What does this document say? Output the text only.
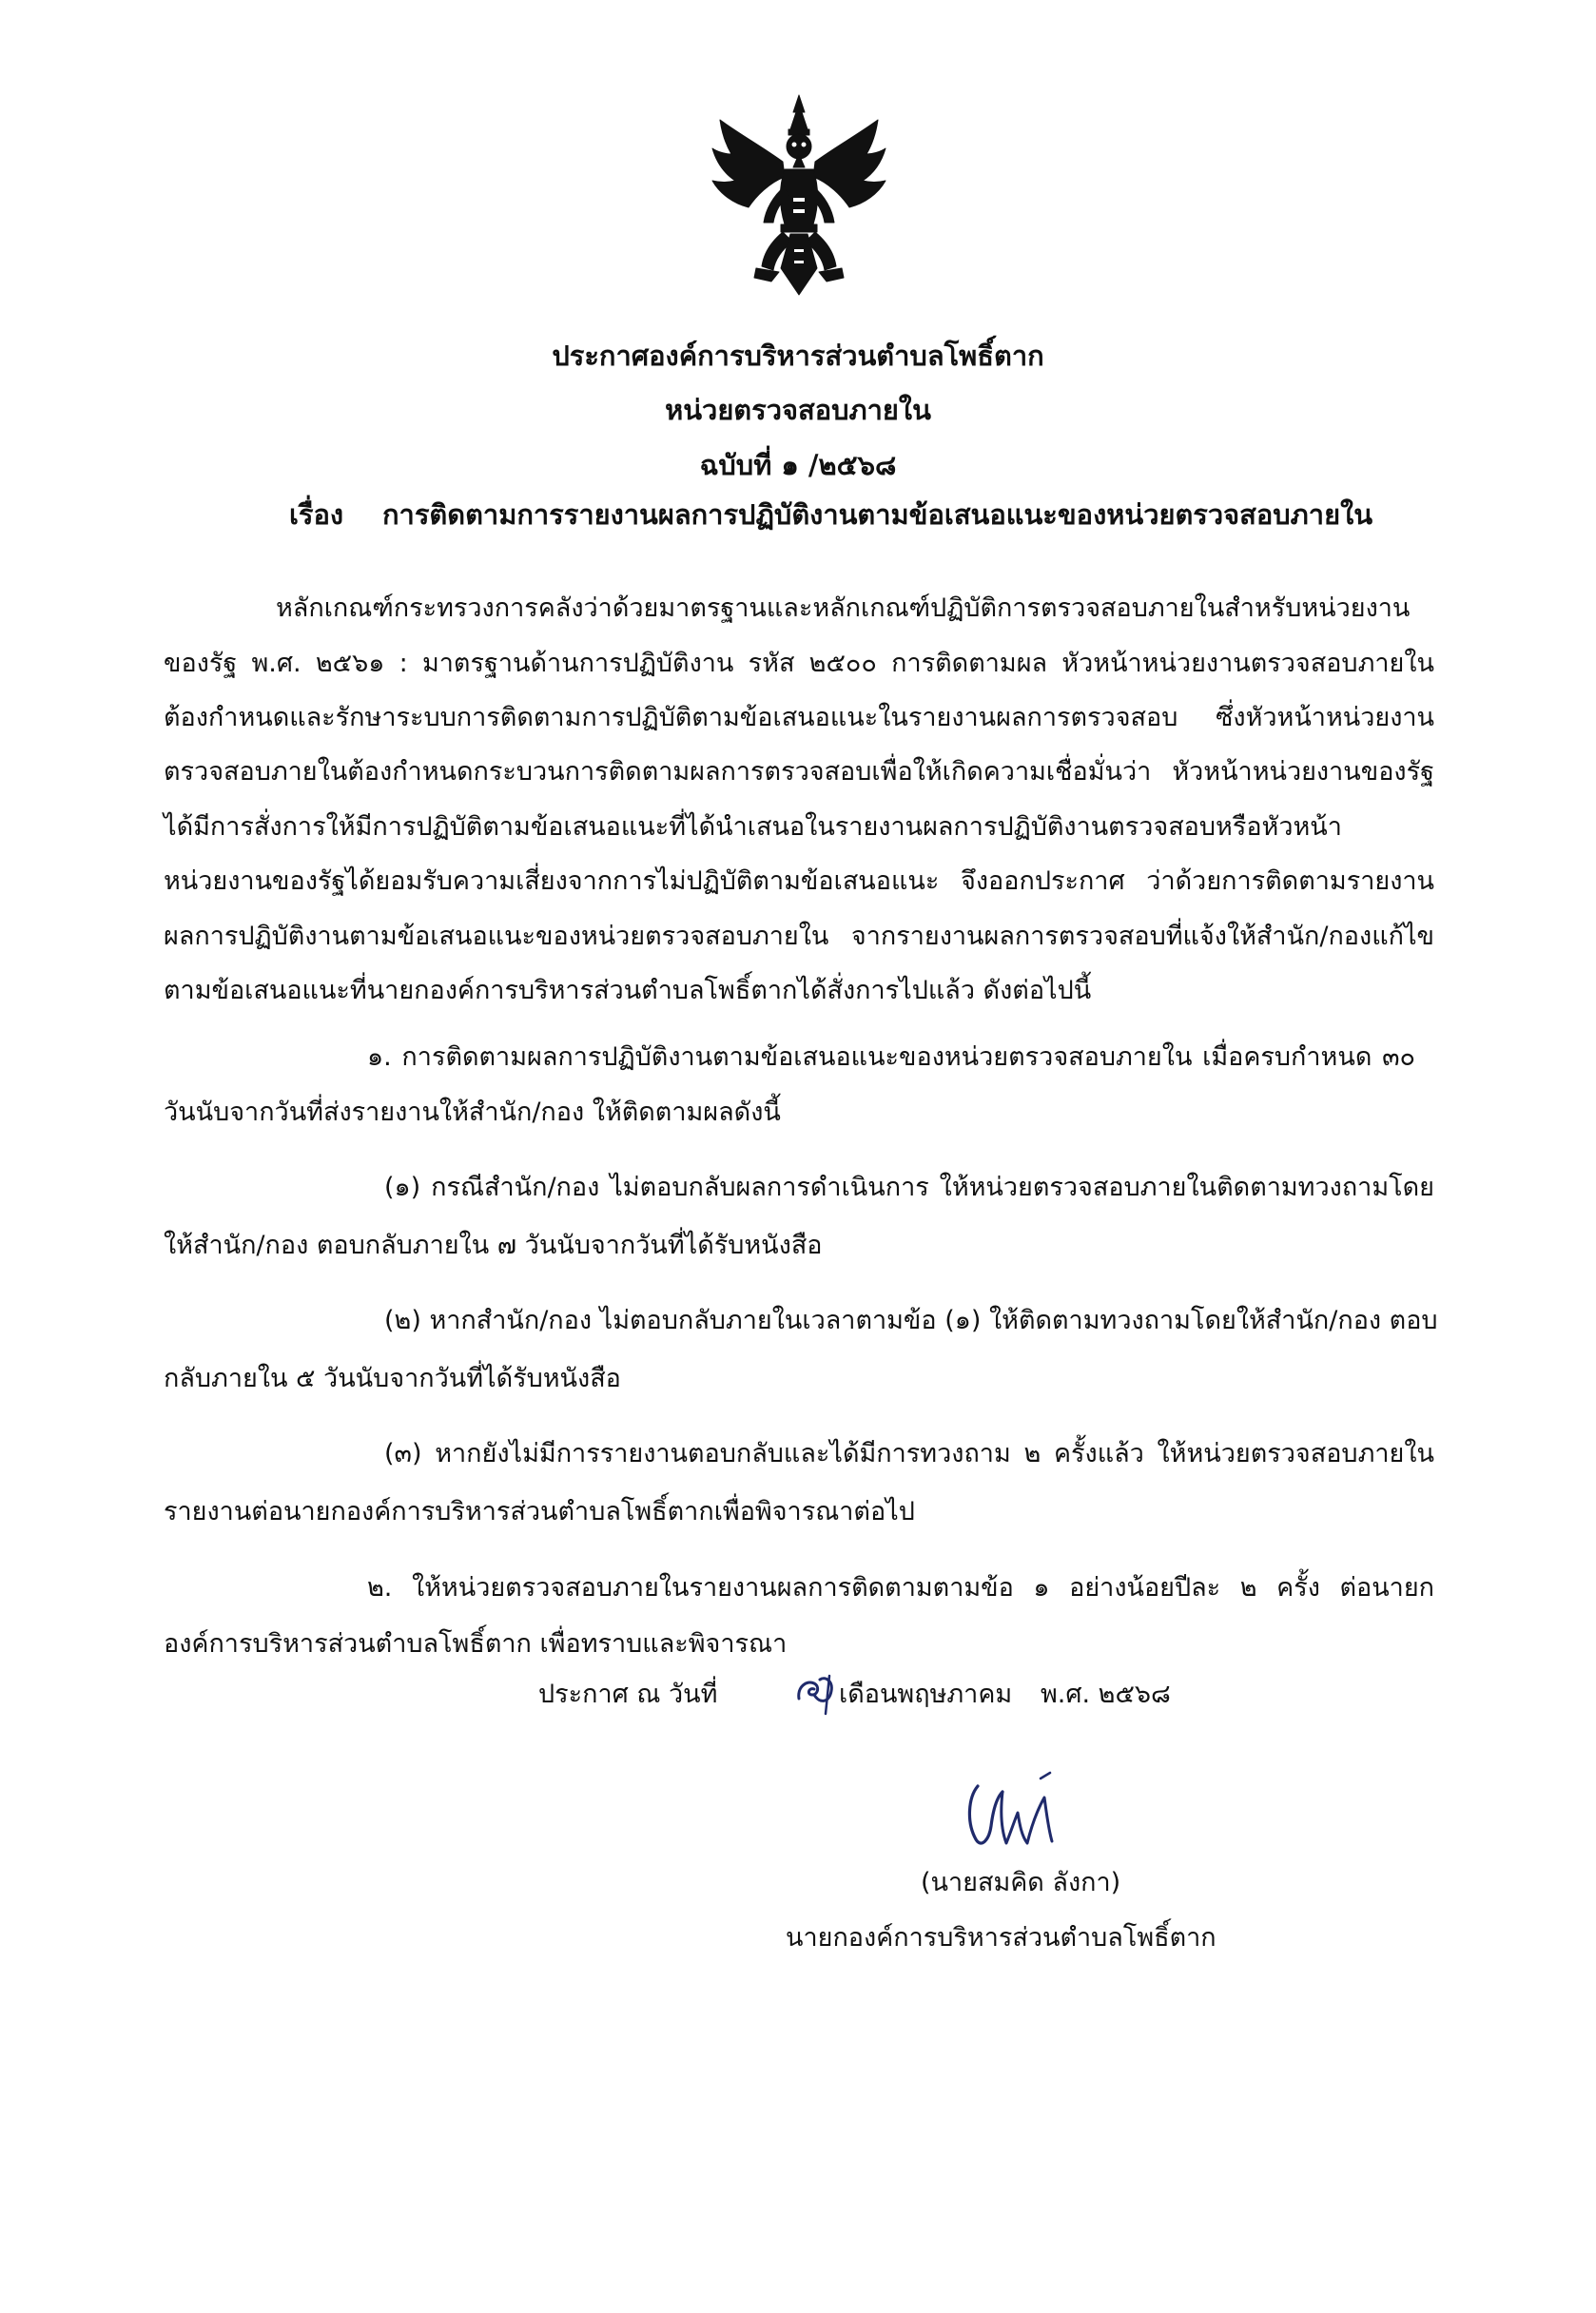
ประกาศองค์การบริหารส่วนตำบลโพธิ์ตาก
หน่วยตรวจสอบภายใน
ฉบับที่ ๑ /๒๕๖๘
เรื่อง การติดตามการรายงานผลการปฏิบัติงานตามข้อเสนอแนะของหน่วยตรวจสอบภายใน
หลักเกณฑ์กระทรวงการคลังว่าด้วยมาตรฐานและหลักเกณฑ์ปฏิบัติการตรวจสอบภายในสำหรับหน่วยงาน
ของรัฐ พ.ศ. ๒๕๖๑ : มาตรฐานด้านการปฏิบัติงาน รหัส ๒๕๐๐ การติดตามผล หัวหน้าหน่วยงานตรวจสอบภายใน
ต้องกำหนดและรักษาระบบการติดตามการปฏิบัติตามข้อเสนอแนะในรายงานผลการตรวจสอบ ซึ่งหัวหน้าหน่วยงาน
ตรวจสอบภายในต้องกำหนดกระบวนการติดตามผลการตรวจสอบเพื่อให้เกิดความเชื่อมั่นว่า หัวหน้าหน่วยงานของรัฐ
ได้มีการสั่งการให้มีการปฏิบัติตามข้อเสนอแนะที่ได้นำเสนอในรายงานผลการปฏิบัติงานตรวจสอบหรือหัวหน้า
หน่วยงานของรัฐได้ยอมรับความเสี่ยงจากการไม่ปฏิบัติตามข้อเสนอแนะ จึงออกประกาศ ว่าด้วยการติดตามรายงาน
ผลการปฏิบัติงานตามข้อเสนอแนะของหน่วยตรวจสอบภายใน จากรายงานผลการตรวจสอบที่แจ้งให้สำนัก/กองแก้ไข
ตามข้อเสนอแนะที่นายกองค์การบริหารส่วนตำบลโพธิ์ตากได้สั่งการไปแล้ว ดังต่อไปนี้
๑. การติดตามผลการปฏิบัติงานตามข้อเสนอแนะของหน่วยตรวจสอบภายใน เมื่อครบกำหนด ๓๐
วันนับจากวันที่ส่งรายงานให้สำนัก/กอง ให้ติดตามผลดังนี้
(๑) กรณีสำนัก/กอง ไม่ตอบกลับผลการดำเนินการ ให้หน่วยตรวจสอบภายในติดตามทวงถามโดย
ให้สำนัก/กอง ตอบกลับภายใน ๗ วันนับจากวันที่ได้รับหนังสือ
(๒) หากสำนัก/กอง ไม่ตอบกลับภายในเวลาตามข้อ (๑) ให้ติดตามทวงถามโดยให้สำนัก/กอง ตอบ
กลับภายใน ๕ วันนับจากวันที่ได้รับหนังสือ
(๓) หากยังไม่มีการรายงานตอบกลับและได้มีการทวงถาม ๒ ครั้งแล้ว ให้หน่วยตรวจสอบภายใน
รายงานต่อนายกองค์การบริหารส่วนตำบลโพธิ์ตากเพื่อพิจารณาต่อไป
๒. ให้หน่วยตรวจสอบภายในรายงานผลการติดตามตามข้อ ๑ อย่างน้อยปีละ ๒ ครั้ง ต่อนายก
องค์การบริหารส่วนตำบลโพธิ์ตาก เพื่อทราบและพิจารณา
ประกาศ ณ วันที่	เดือนพฤษภาคม พ.ศ. ๒๕๖๘
(นายสมคิด ลังกา)
นายกองค์การบริหารส่วนตำบลโพธิ์ตาก
